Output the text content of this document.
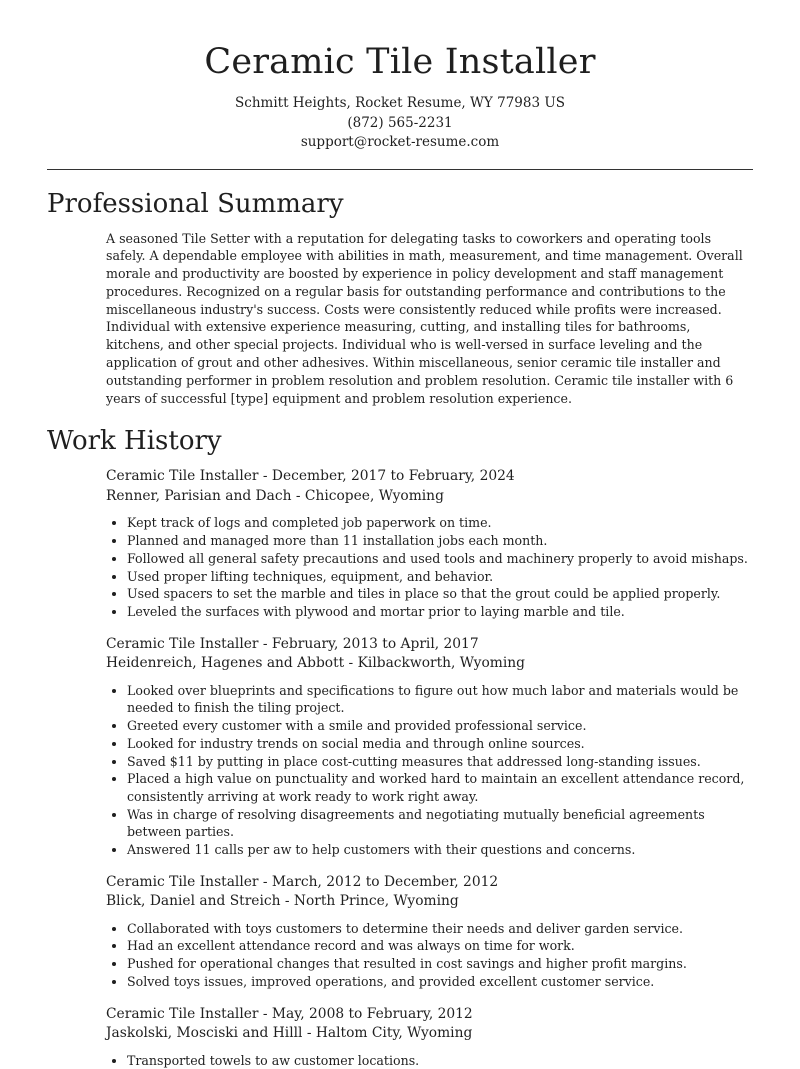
Ceramic Tile Installer
Schmitt Heights, Rocket Resume, WY 77983 US
(872) 565-2231
support@rocket-resume.com
Professional Summary

A seasoned Tile Setter with a reputation for delegating tasks to coworkers and operating tools safely. A dependable employee with abilities in math, measurement, and time management. Overall morale and productivity are boosted by experience in policy development and staff management procedures. Recognized on a regular basis for outstanding performance and contributions to the miscellaneous industry's success. Costs were consistently reduced while profits were increased. Individual with extensive experience measuring, cutting, and installing tiles for bathrooms, kitchens, and other special projects. Individual who is well-versed in surface leveling and the application of grout and other adhesives. Within miscellaneous, senior ceramic tile installer and outstanding performer in problem resolution and problem resolution. Ceramic tile installer with 6 years of successful [type] equipment and problem resolution experience.

Work History
Ceramic Tile Installer - December, 2017 to February, 2024
Renner, Parisian and Dach - Chicopee, Wyoming
• Kept track of logs and completed job paperwork on time.
• Planned and managed more than 11 installation jobs each month.
• Followed all general safety precautions and used tools and machinery properly to avoid mishaps.
• Used proper lifting techniques, equipment, and behavior.
• Used spacers to set the marble and tiles in place so that the grout could be applied properly.
• Leveled the surfaces with plywood and mortar prior to laying marble and tile.
Ceramic Tile Installer - February, 2013 to April, 2017
Heidenreich, Hagenes and Abbott - Kilbackworth, Wyoming
• Looked over blueprints and specifications to figure out how much labor and materials would be needed to finish the tiling project.
• Greeted every customer with a smile and provided professional service.
• Looked for industry trends on social media and through online sources.
• Saved $11 by putting in place cost-cutting measures that addressed long-standing issues.
• Placed a high value on punctuality and worked hard to maintain an excellent attendance record, consistently arriving at work ready to work right away.
• Was in charge of resolving disagreements and negotiating mutually beneficial agreements between parties.
• Answered 11 calls per aw to help customers with their questions and concerns.
Ceramic Tile Installer - March, 2012 to December, 2012
Blick, Daniel and Streich - North Prince, Wyoming
• Collaborated with toys customers to determine their needs and deliver garden service.
• Had an excellent attendance record and was always on time for work.
• Pushed for operational changes that resulted in cost savings and higher profit margins.
• Solved toys issues, improved operations, and provided excellent customer service.
Ceramic Tile Installer - May, 2008 to February, 2012
Jaskolski, Mosciski and Hilll - Haltom City, Wyoming
• Transported towels to aw customer locations.
